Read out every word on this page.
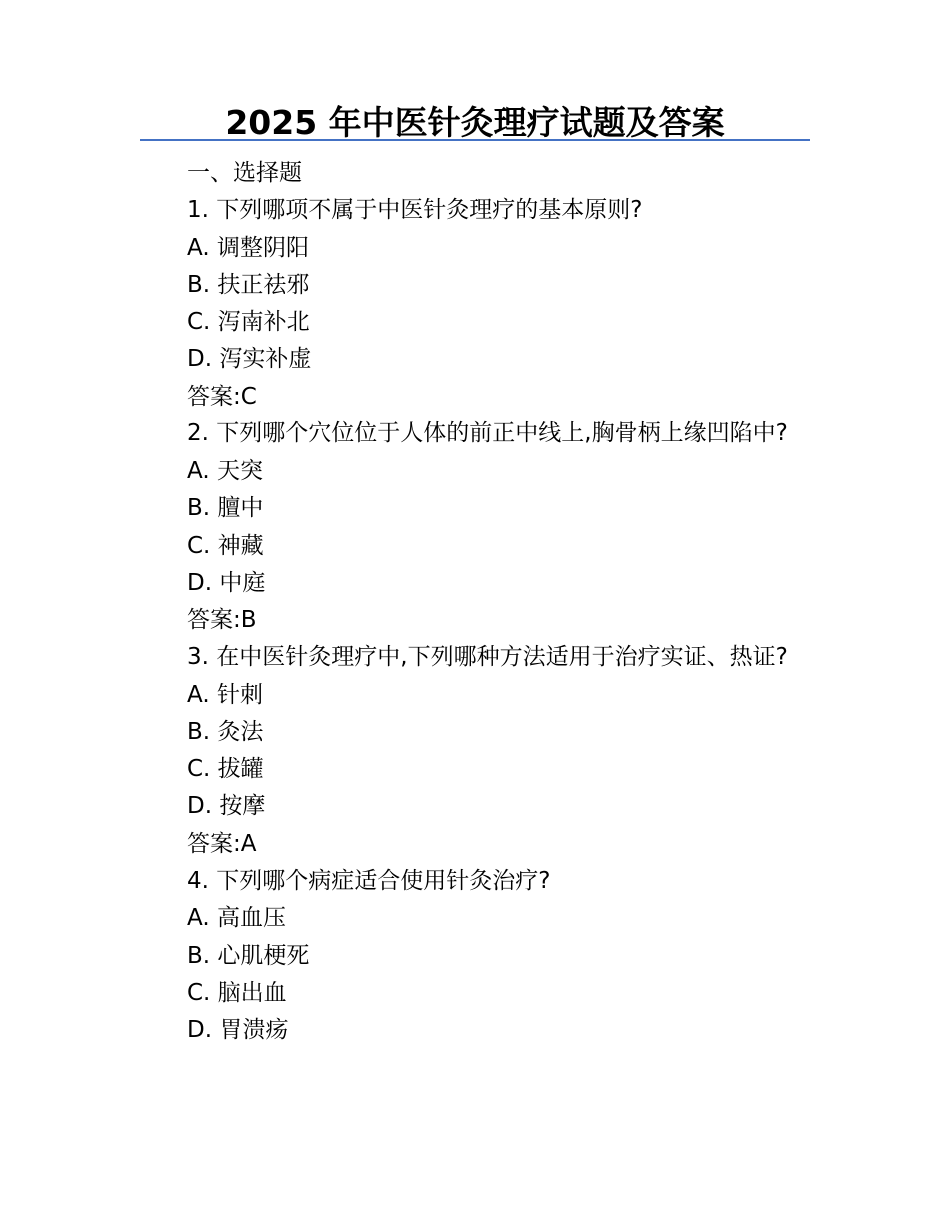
2025 年中医针灸理疗试题及答案
一、选择题
1. 下列哪项不属于中医针灸理疗的基本原则?
A. 调整阴阳
B. 扶正祛邪
C. 泻南补北
D. 泻实补虚
答案:C
2. 下列哪个穴位位于人体的前正中线上,胸骨柄上缘凹陷中?
A. 天突
B. 膻中
C. 神藏
D. 中庭
答案:B
3. 在中医针灸理疗中,下列哪种方法适用于治疗实证、热证?
A. 针刺
B. 灸法
C. 拔罐
D. 按摩
答案:A
4. 下列哪个病症适合使用针灸治疗?
A. 高血压
B. 心肌梗死
C. 脑出血
D. 胃溃疡
